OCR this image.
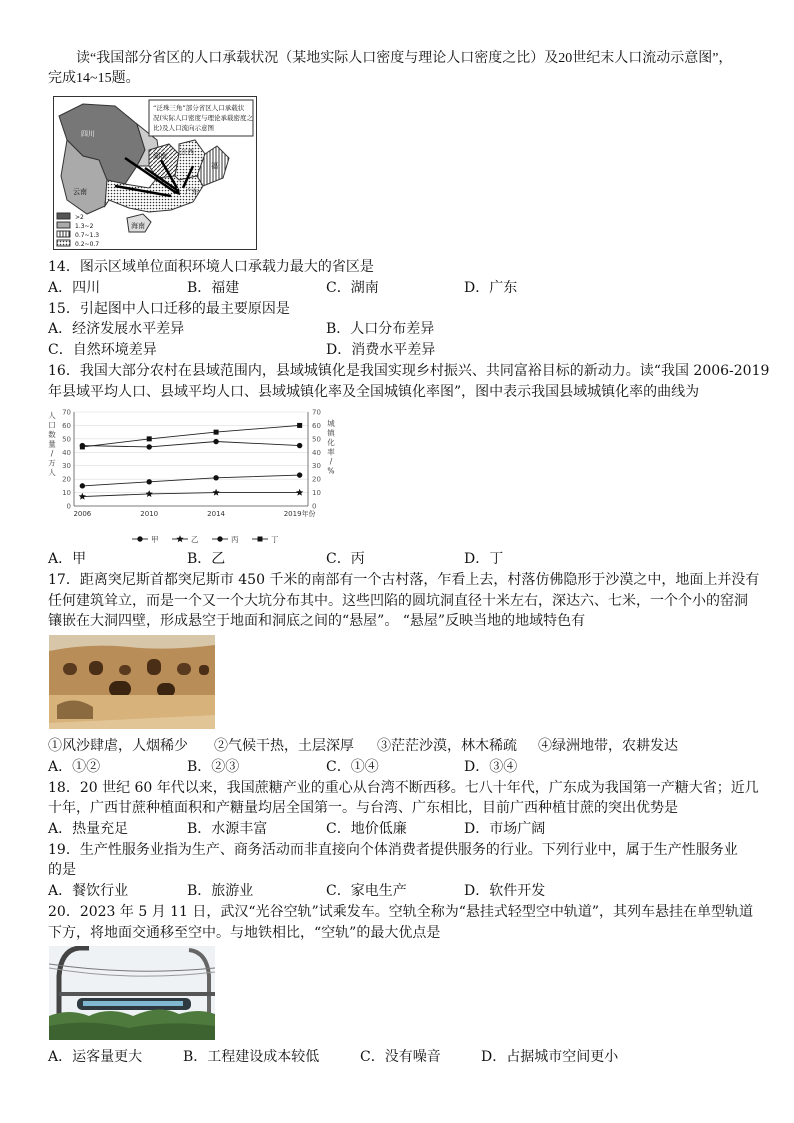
读“我国部分省区的人口承载状况（某地实际人口密度与理论人口密度之比）及20世纪末人口流动示意图”，
完成14~15题。
“泛珠三角”部分省区人口承载状
况(实际人口密度与理论承载密度之
比)及人口流向示意图
四川
云南
湖南 江西
福
广东
海南
>2
1.3~2
0.7~1.3
0.2~0.7
14．图示区域单位面积环境人口承载力最大的省区是
A．四川	B．福建	C．湖南	D．广东
15．引起图中人口迁移的最主要原因是
A．经济发展水平差异	B．人口分布差异
C．自然环境差异	D．消费水平差异
16．我国大部分农村在县域范围内，县域城镇化是我国实现乡村振兴、共同富裕目标的新动力。读“我国 2006-2019
年县域平均人口、县域平均人口、县域城镇化率及全国城镇化率图”，图中表示我国县域城镇化率的曲线为
0	0
10	10
20	20
30	30
40	40
50	50
60	60
70	70
2006	2010	2014	2019年份
人
口
数
量
/
万
人
城
镇
化
率
/
%
甲	乙	丙	丁
A．甲	B．乙	C．丙	D．丁
17．距离突尼斯首都突尼斯市 450 千米的南部有一个古村落，乍看上去，村落仿佛隐形于沙漠之中，地面上并没有
任何建筑耸立，而是一个又一个大坑分布其中。这些凹陷的圆坑洞直径十米左右，深达六、七米，一个个小的窑洞
镶嵌在大洞四壁，形成悬空于地面和洞底之间的“悬屋”。 “悬屋”反映当地的地域特色有
①风沙肆虐，人烟稀少 ②气候干热，土层深厚 ③茫茫沙漠，林木稀疏 ④绿洲地带，农耕发达
A．①②	B．②③	C．①④	D．③④
18．20 世纪 60 年代以来，我国蔗糖产业的重心从台湾不断西移。七八十年代，广东成为我国第一产糖大省；近几
十年，广西甘蔗种植面积和产糖量均居全国第一。与台湾、广东相比，目前广西种植甘蔗的突出优势是
A．热量充足	B．水源丰富	C．地价低廉	D．市场广阔
19．生产性服务业指为生产、商务活动而非直接向个体消费者提供服务的行业。下列行业中，属于生产性服务业
的是
A．餐饮行业	B．旅游业	C．家电生产	D．软件开发
20．2023 年 5 月 11 日，武汉“光谷空轨”试乘发车。空轨全称为“悬挂式轻型空中轨道”，其列车悬挂在单型轨道
下方，将地面交通移至空中。与地铁相比，“空轨”的最大优点是
A．运客量更大	B．工程建设成本较低	C．没有噪音	D．占据城市空间更小
